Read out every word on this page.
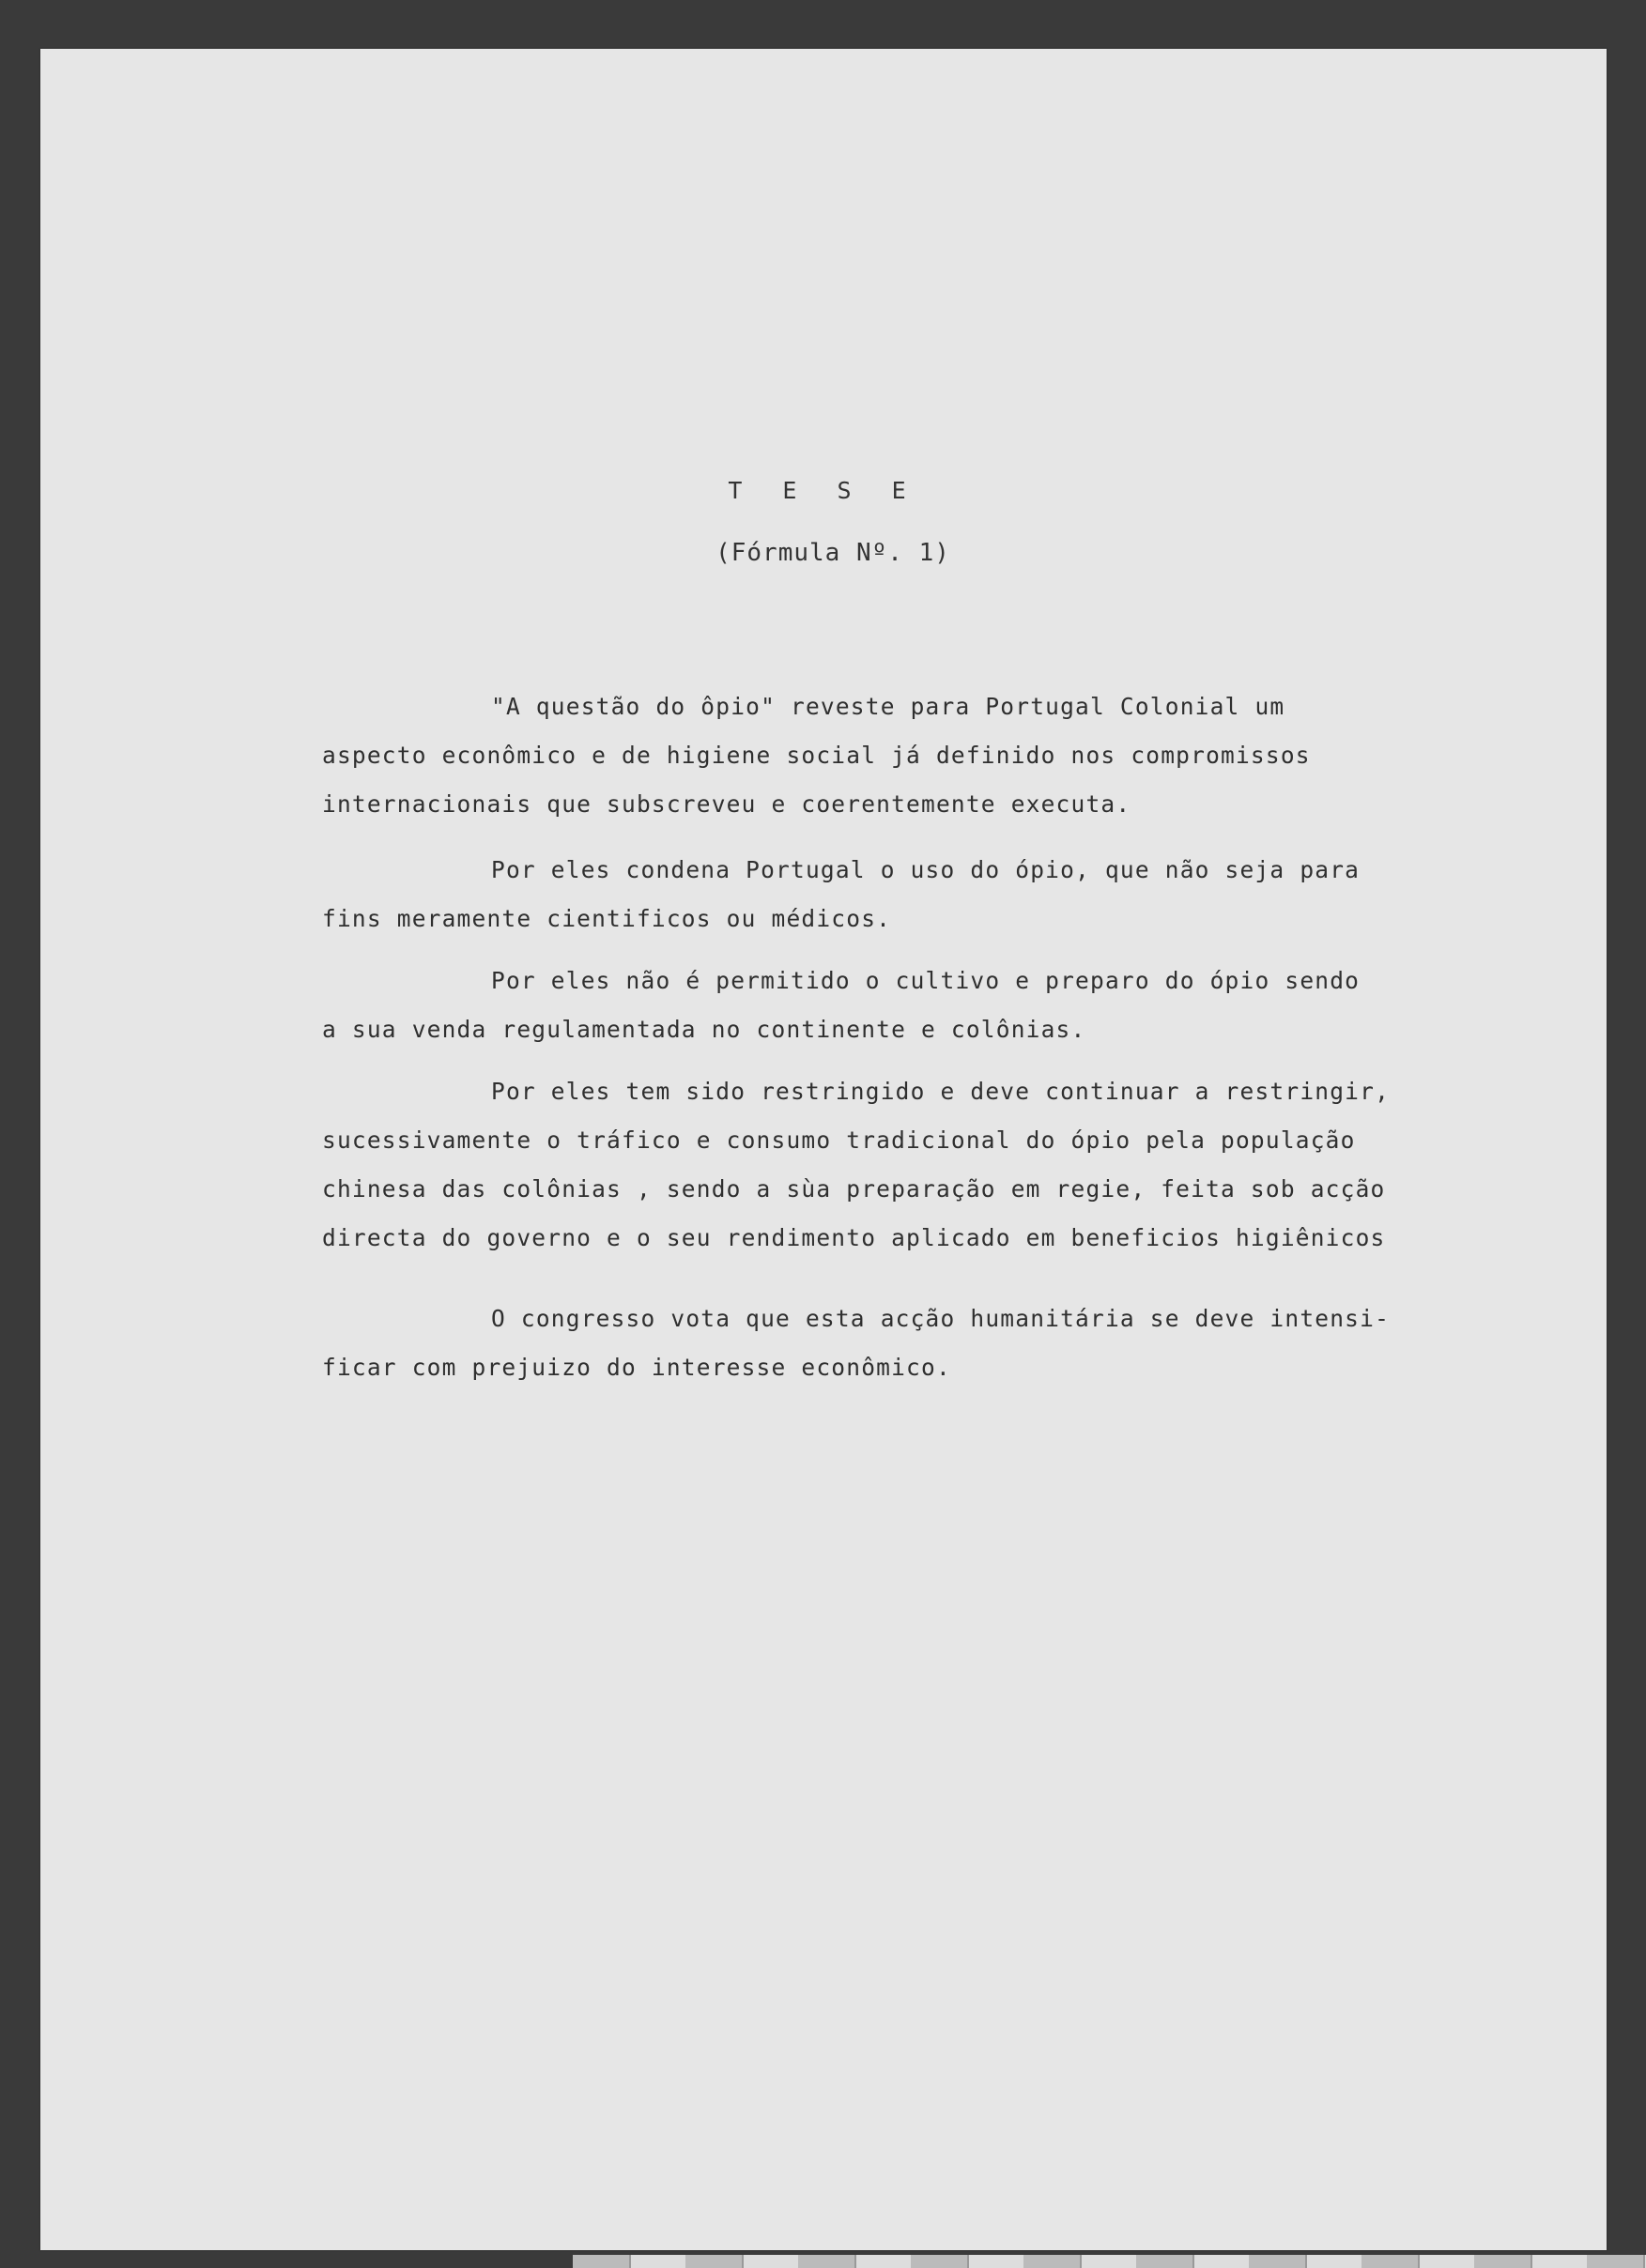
T E S E
(Fórmula Nº. 1)
"A questão do ôpio" reveste para Portugal Colonial um
aspecto econômico e de higiene social já definido nos compromissos
internacionais que subscreveu e coerentemente executa.
Por eles condena Portugal o uso do ópio, que não seja para
fins meramente cientificos ou médicos.
Por eles não é permitido o cultivo e preparo do ópio sendo
a sua venda regulamentada no continente e colônias.
Por eles tem sido restringido e deve continuar a restringir,
sucessivamente o tráfico e consumo tradicional do ópio pela população
chinesa das colônias , sendo a sùa preparação em regie, feita sob acção
directa do governo e o seu rendimento aplicado em beneficios higiênicos
O congresso vota que esta acção humanitária se deve intensi-
ficar com prejuizo do interesse econômico.
